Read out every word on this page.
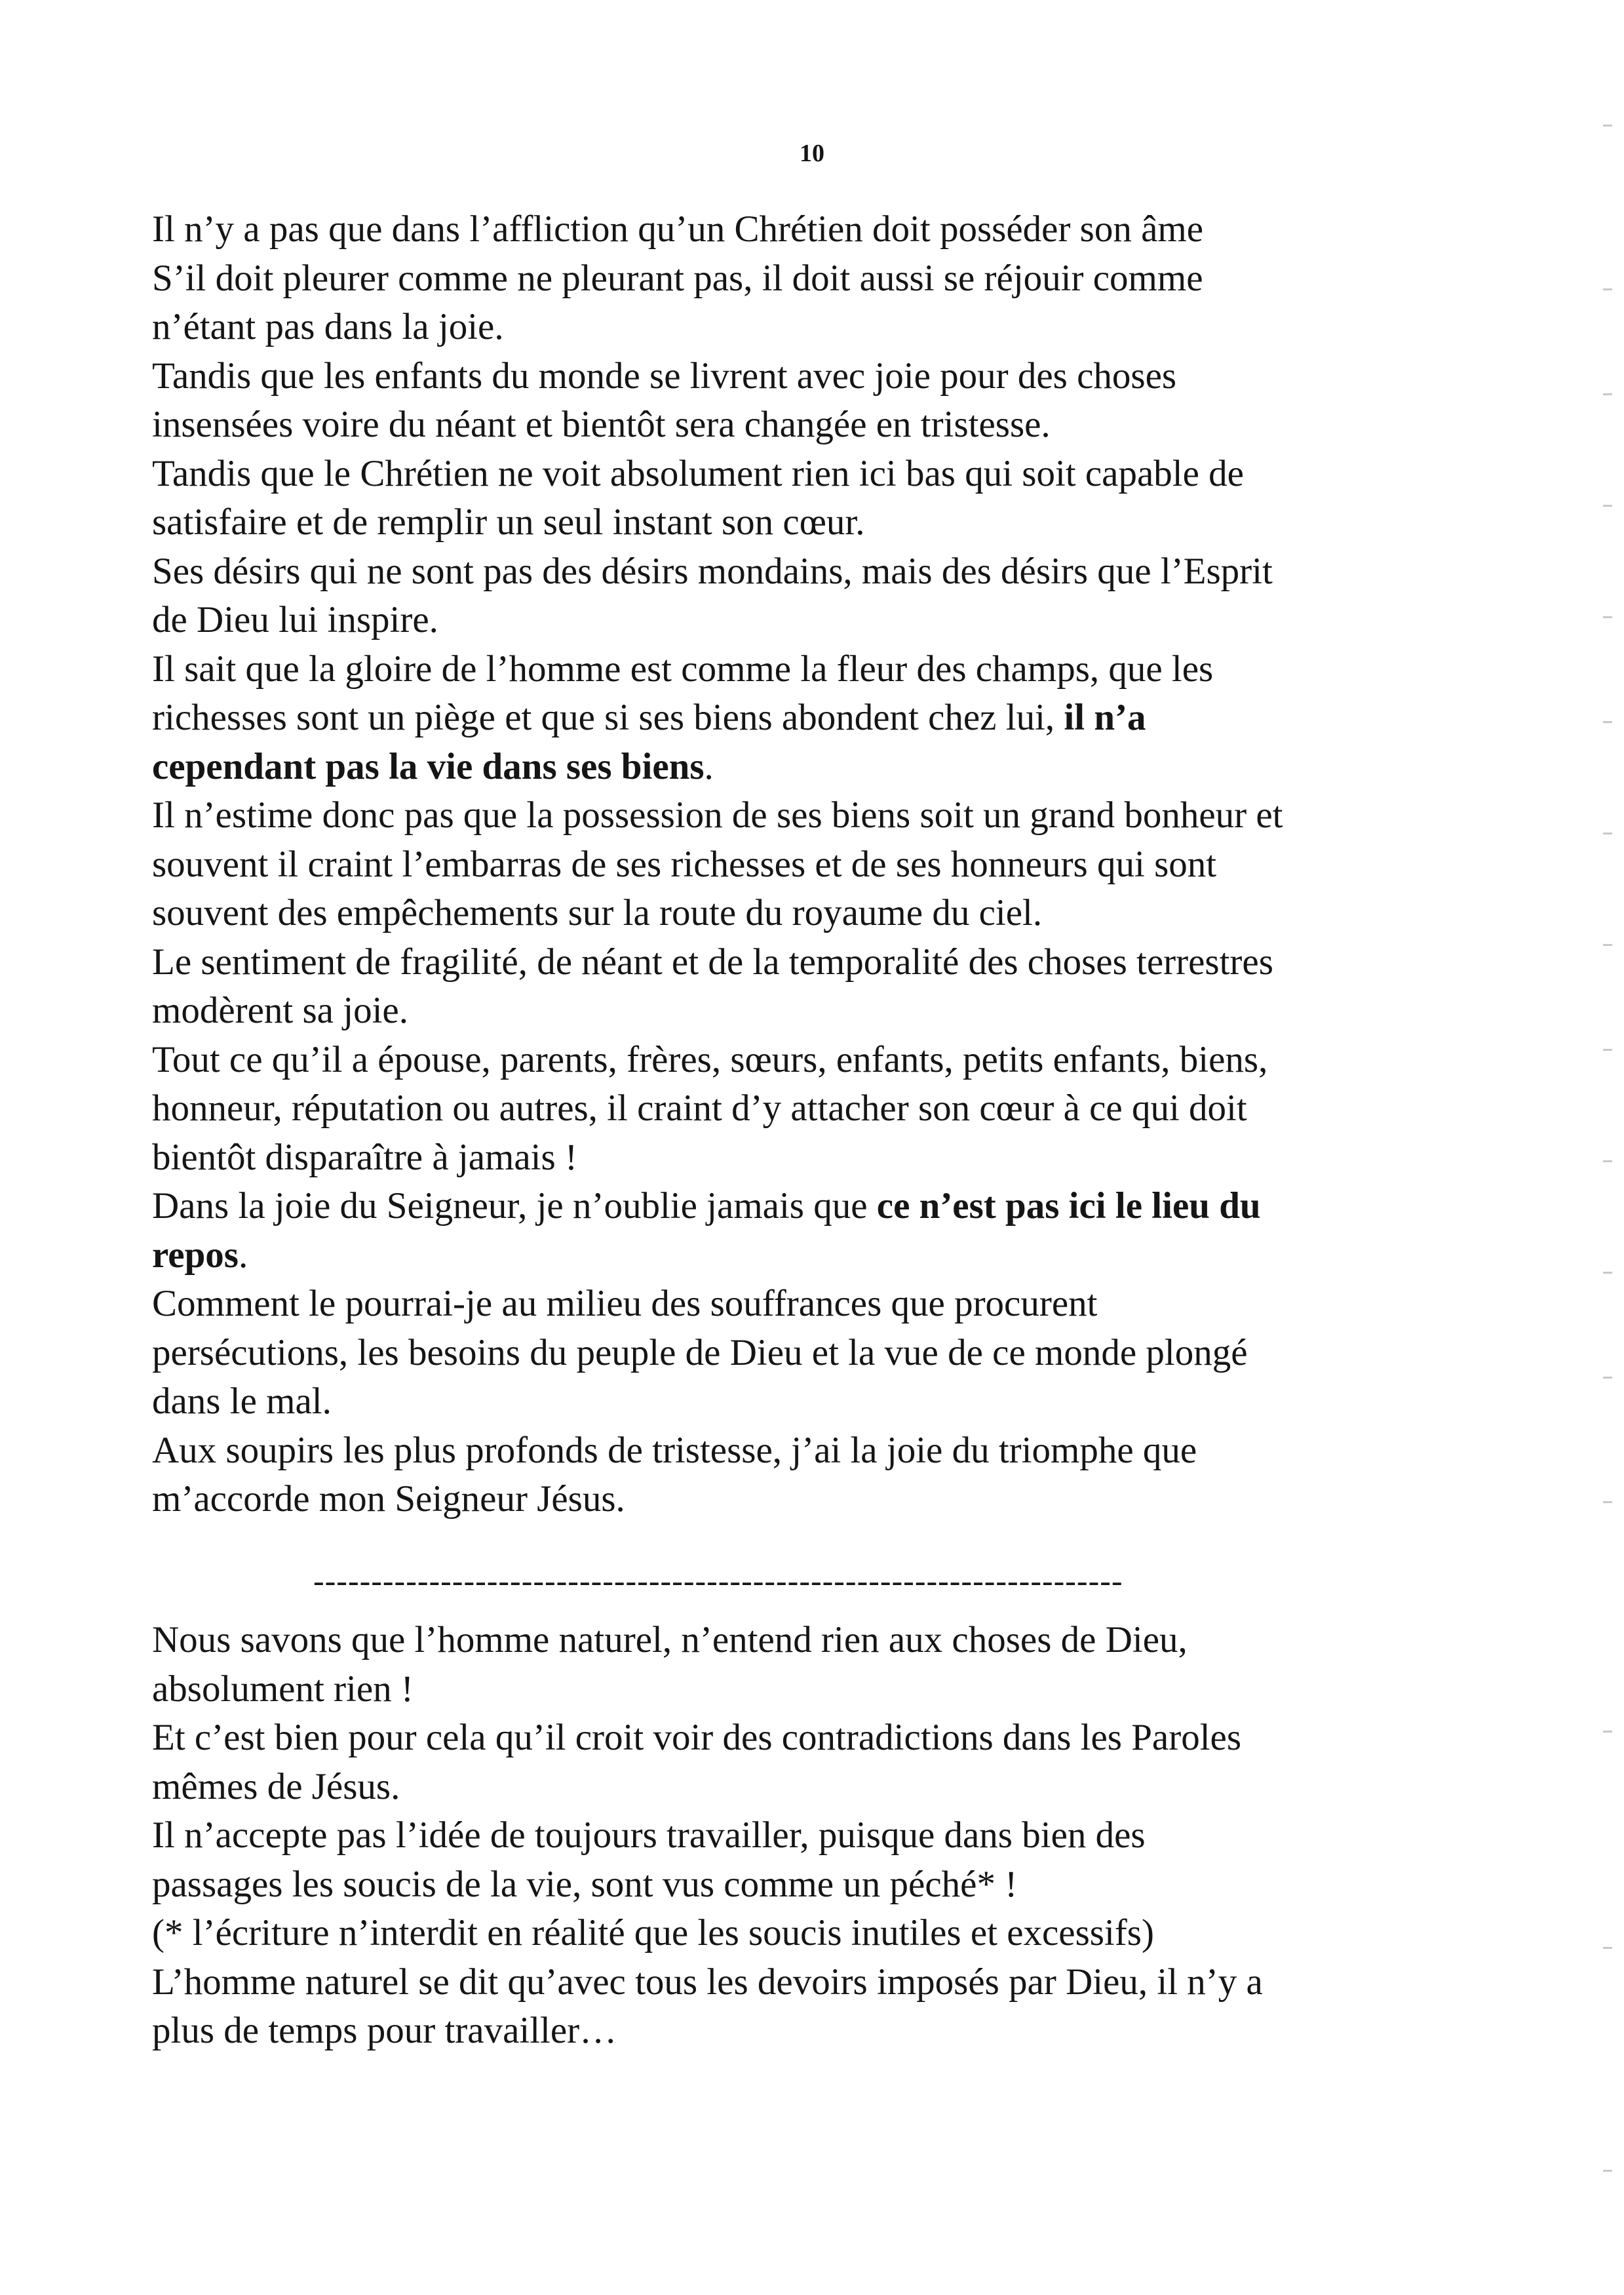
10
Il n’y a pas que dans l’affliction qu’un Chrétien doit posséder son âme
S’il doit pleurer comme ne pleurant pas, il doit aussi se réjouir comme
n’étant pas dans la joie.
Tandis que les enfants du monde se livrent avec joie pour des choses
insensées voire du néant et bientôt sera changée en tristesse.
Tandis que le Chrétien ne voit absolument rien ici bas qui soit capable de
satisfaire et de remplir un seul instant son cœur.
Ses désirs qui ne sont pas des désirs mondains, mais des désirs que l’Esprit
de Dieu lui inspire.
Il sait que la gloire de l’homme est comme la fleur des champs, que les
richesses sont un piège et que si ses biens abondent chez lui, il n’a
cependant pas la vie dans ses biens.
Il n’estime donc pas que la possession de ses biens soit un grand bonheur et
souvent il craint l’embarras de ses richesses et de ses honneurs qui sont
souvent des empêchements sur la route du royaume du ciel.
Le sentiment de fragilité, de néant et de la temporalité des choses terrestres
modèrent sa joie.
Tout ce qu’il a épouse, parents, frères, sœurs, enfants, petits enfants, biens,
honneur, réputation ou autres, il craint d’y attacher son cœur à ce qui doit
bientôt disparaître à jamais !
Dans la joie du Seigneur, je n’oublie jamais que ce n’est pas ici le lieu du
repos.
Comment le pourrai-je au milieu des souffrances que procurent
persécutions, les besoins du peuple de Dieu et la vue de ce monde plongé
dans le mal.
Aux soupirs les plus profonds de tristesse, j’ai la joie du triomphe que
m’accorde mon Seigneur Jésus.
----------------------------------------------------------------------
Nous savons que l’homme naturel, n’entend rien aux choses de Dieu,
absolument rien !
Et c’est bien pour cela qu’il croit voir des contradictions dans les Paroles
mêmes de Jésus.
Il n’accepte pas l’idée de toujours travailler, puisque dans bien des
passages les soucis de la vie, sont vus comme un péché* !
(* l’écriture n’interdit en réalité que les soucis inutiles et excessifs)
L’homme naturel se dit qu’avec tous les devoirs imposés par Dieu, il n’y a
plus de temps pour travailler…
